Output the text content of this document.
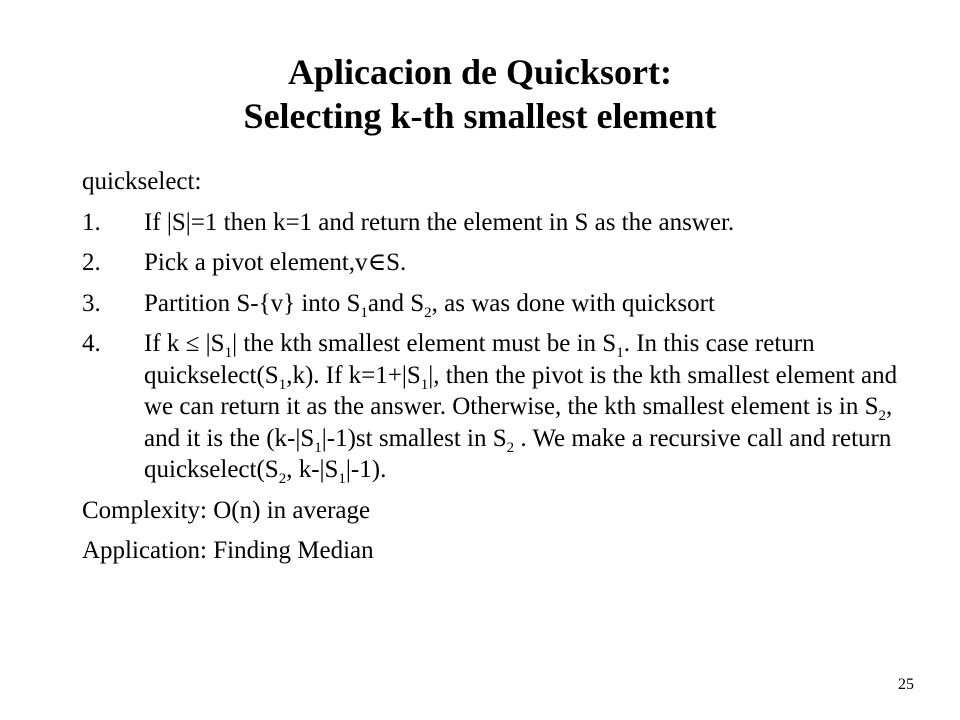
Aplicacion de Quicksort:
Selecting k-th smallest element
quickselect:
1. If |S|=1 then k=1 and return the element in S as the answer.
2. Pick a pivot element,v∈S.
3. Partition S-{v} into $S_1and$ $S_2$, as was done with quicksort
4. If $k \le |S_1|$ the kth smallest element must be in $S_1$. In this case return $quickselect(S_1,k)$. If $k=1+|S_1|$, then the pivot is the kth smallest element and we can return it as the answer. Otherwise, the kth smallest element is in $S_2$, and it is the $(k-|S_1|-1)st$ smallest in $S_2$ . We make a recursive call and return $quickselect(S_2$, $k-|S_1|-1$).
Complexity: O(n) in average
Application: Finding Median
25
